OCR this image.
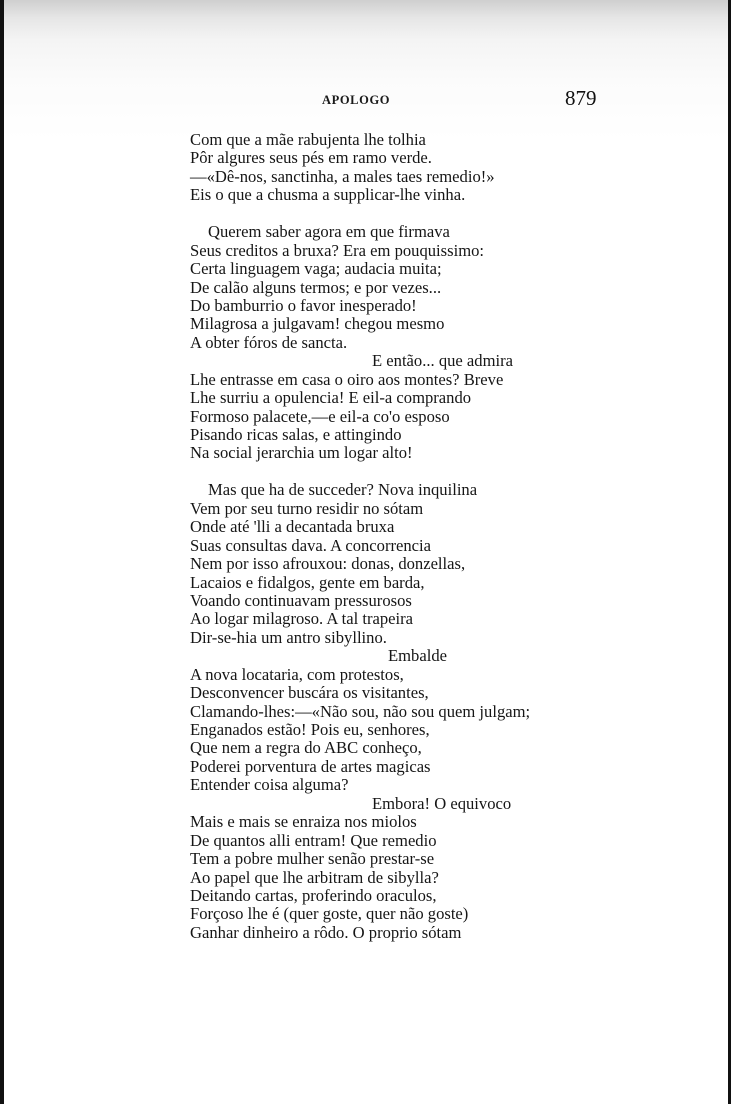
APOLOGO	879
Com que a mãe rabujenta lhe tolhia
Pôr algures seus pés em ramo verde.
—«Dê-nos, sanctinha, a males taes remedio!»
Eis o que a chusma a supplicar-lhe vinha.
Querem saber agora em que firmava
Seus creditos a bruxa? Era em pouquissimo:
Certa linguagem vaga; audacia muita;
De calão alguns termos; e por vezes...
Do bamburrio o favor inesperado!
Milagrosa a julgavam! chegou mesmo
A obter fóros de sancta.
E então... que admira
Lhe entrasse em casa o oiro aos montes? Breve
Lhe surriu a opulencia! E eil-a comprando
Formoso palacete,—e eil-a co'o esposo
Pisando ricas salas, e attingindo
Na social jerarchia um logar alto!
Mas que ha de succeder? Nova inquilina
Vem por seu turno residir no sótam
Onde até 'lli a decantada bruxa
Suas consultas dava. A concorrencia
Nem por isso afrouxou: donas, donzellas,
Lacaios e fidalgos, gente em barda,
Voando continuavam pressurosos
Ao logar milagroso. A tal trapeira
Dir-se-hia um antro sibyllino.
Embalde
A nova locataria, com protestos,
Desconvencer buscára os visitantes,
Clamando-lhes:—«Não sou, não sou quem julgam;
Enganados estão! Pois eu, senhores,
Que nem a regra do ABC conheço,
Poderei porventura de artes magicas
Entender coisa alguma?
Embora! O equivoco
Mais e mais se enraiza nos miolos
De quantos alli entram! Que remedio
Tem a pobre mulher senão prestar-se
Ao papel que lhe arbitram de sibylla?
Deitando cartas, proferindo oraculos,
Forçoso lhe é (quer goste, quer não goste)
Ganhar dinheiro a rôdo. O proprio sótam
